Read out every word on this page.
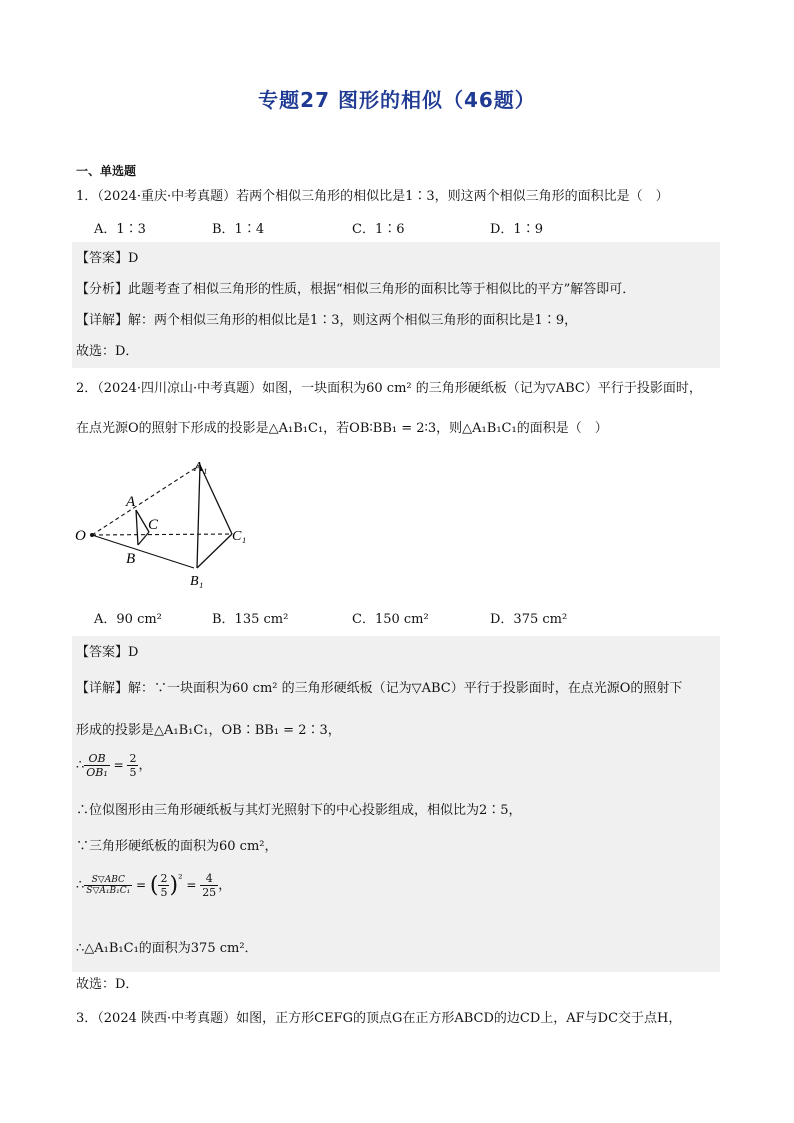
专题27 图形的相似（46题）
一、单选题
1．（2024·重庆·中考真题）若两个相似三角形的相似比是1∶3，则这两个相似三角形的面积比是（　）
A．1∶3	B．1∶4	C．1∶6	D．1∶9
【答案】D
【分析】此题考查了相似三角形的性质，根据“相似三角形的面积比等于相似比的平方”解答即可．
【详解】解：两个相似三角形的相似比是1∶3，则这两个相似三角形的面积比是1∶9，
故选：D．
2．（2024·四川凉山·中考真题）如图，一块面积为60 cm² 的三角形硬纸板（记为▽ABC）平行于投影面时，
在点光源O的照射下形成的投影是△A₁B₁C₁，若OB∶BB₁ = 2∶3，则△A₁B₁C₁的面积是（　）
O
A
B
C
A₁
B₁
C₁
A．90 cm²	B．135 cm²	C．150 cm²	D．375 cm²
【答案】D
【详解】解：∵一块面积为60 cm² 的三角形硬纸板（记为▽ABC）平行于投影面时，在点光源O的照射下
形成的投影是△A₁B₁C₁，OB∶BB₁ = 2∶3，
∴ $\frac{OB}{\text{OB₁}} = \frac{2}{5}$ ，
∴位似图形由三角形硬纸板与其灯光照射下的中心投影组成，相似比为2∶5，
∵三角形硬纸板的面积为60 cm²，
∴ $\frac{\text{S▽ABC}}{\text{S▽A₁B₁C₁}}$ = ( $\frac{2}{5} )^{^2} = \frac{4}{25}$ ，
∴△A₁B₁C₁的面积为375 cm²．
故选：D．
3．（2024 陕西·中考真题）如图，正方形CEFG的顶点G在正方形ABCD的边CD上，AF与DC交于点H，
